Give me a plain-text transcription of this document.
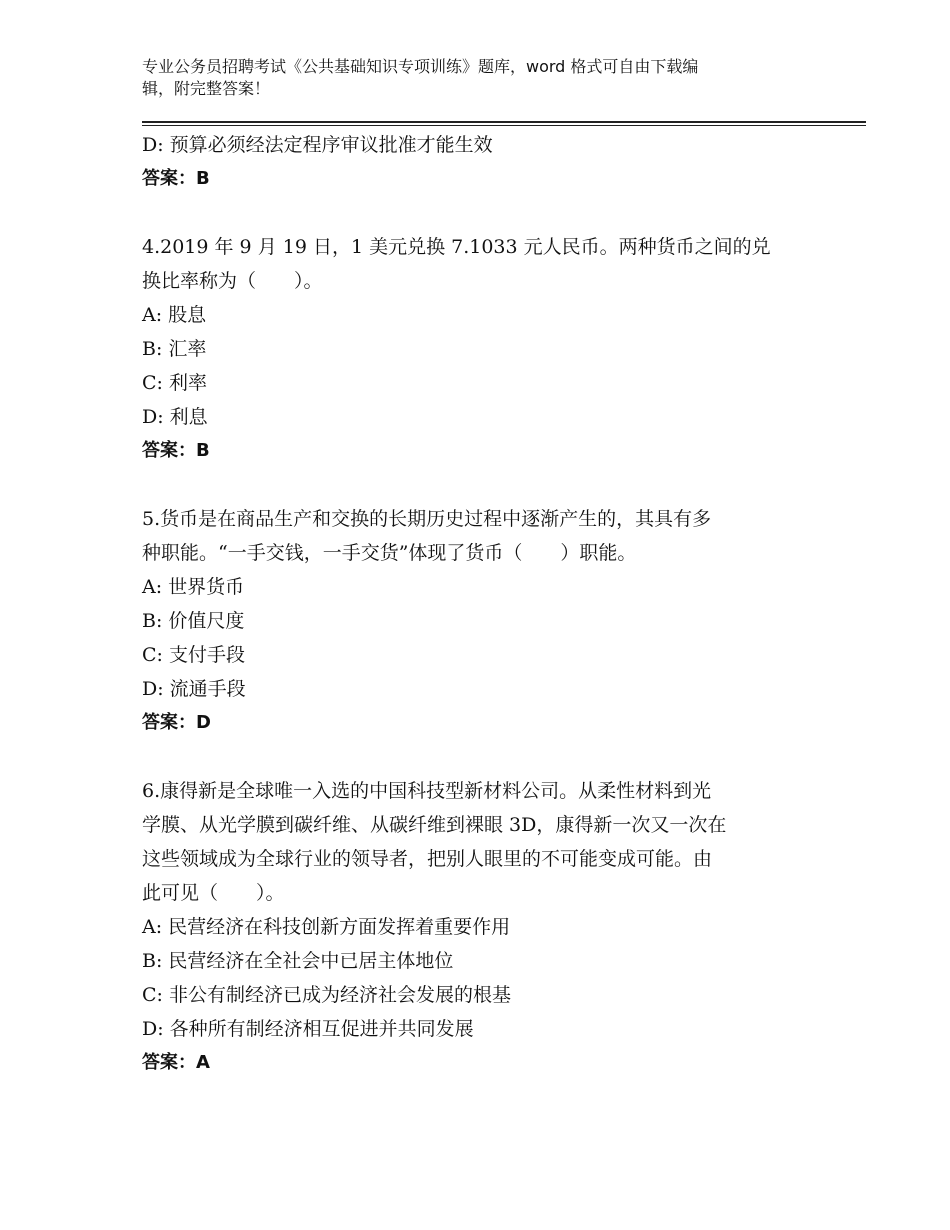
专业公务员招聘考试《公共基础知识专项训练》题库，word 格式可自由下载编
辑，附完整答案！
D: 预算必须经法定程序审议批准才能生效
答案：B
4.2019 年 9 月 19 日，1 美元兑换 7.1033 元人民币。两种货币之间的兑
换比率称为（　　）。
A: 股息
B: 汇率
C: 利率
D: 利息
答案：B
5.货币是在商品生产和交换的长期历史过程中逐渐产生的，其具有多
种职能。“一手交钱，一手交货”体现了货币（　　）职能。
A: 世界货币
B: 价值尺度
C: 支付手段
D: 流通手段
答案：D
6.康得新是全球唯一入选的中国科技型新材料公司。从柔性材料到光
学膜、从光学膜到碳纤维、从碳纤维到裸眼 3D，康得新一次又一次在
这些领域成为全球行业的领导者，把别人眼里的不可能变成可能。由
此可见（　　）。
A: 民营经济在科技创新方面发挥着重要作用
B: 民营经济在全社会中已居主体地位
C: 非公有制经济已成为经济社会发展的根基
D: 各种所有制经济相互促进并共同发展
答案：A
